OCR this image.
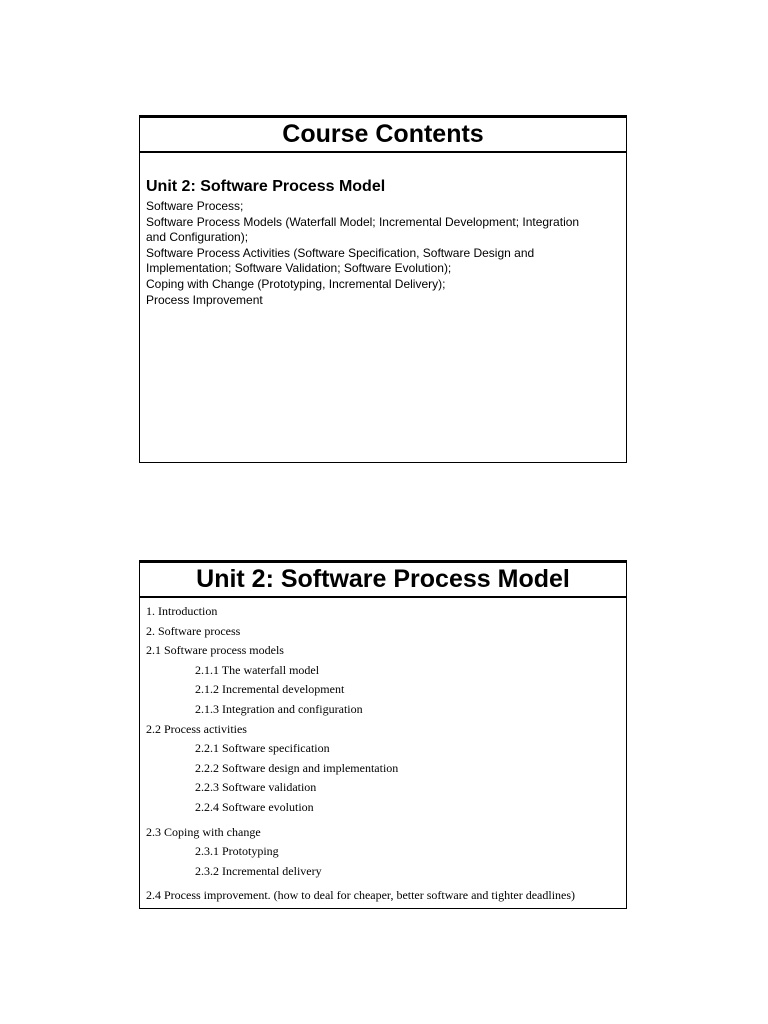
Course Contents
Unit 2: Software Process Model
Software Process;
Software Process Models (Waterfall Model; Incremental Development; Integration
and Configuration);
Software Process Activities (Software Specification, Software Design and
Implementation; Software Validation; Software Evolution);
Coping with Change (Prototyping, Incremental Delivery);
Process Improvement
Unit 2: Software Process Model
1. Introduction
2. Software process
2.1 Software process models
2.1.1 The waterfall model
2.1.2 Incremental development
2.1.3 Integration and configuration
2.2 Process activities
2.2.1 Software specification
2.2.2 Software design and implementation
2.2.3 Software validation
2.2.4 Software evolution
2.3 Coping with change
2.3.1 Prototyping
2.3.2 Incremental delivery
2.4 Process improvement. (how to deal for cheaper, better software and tighter deadlines)
